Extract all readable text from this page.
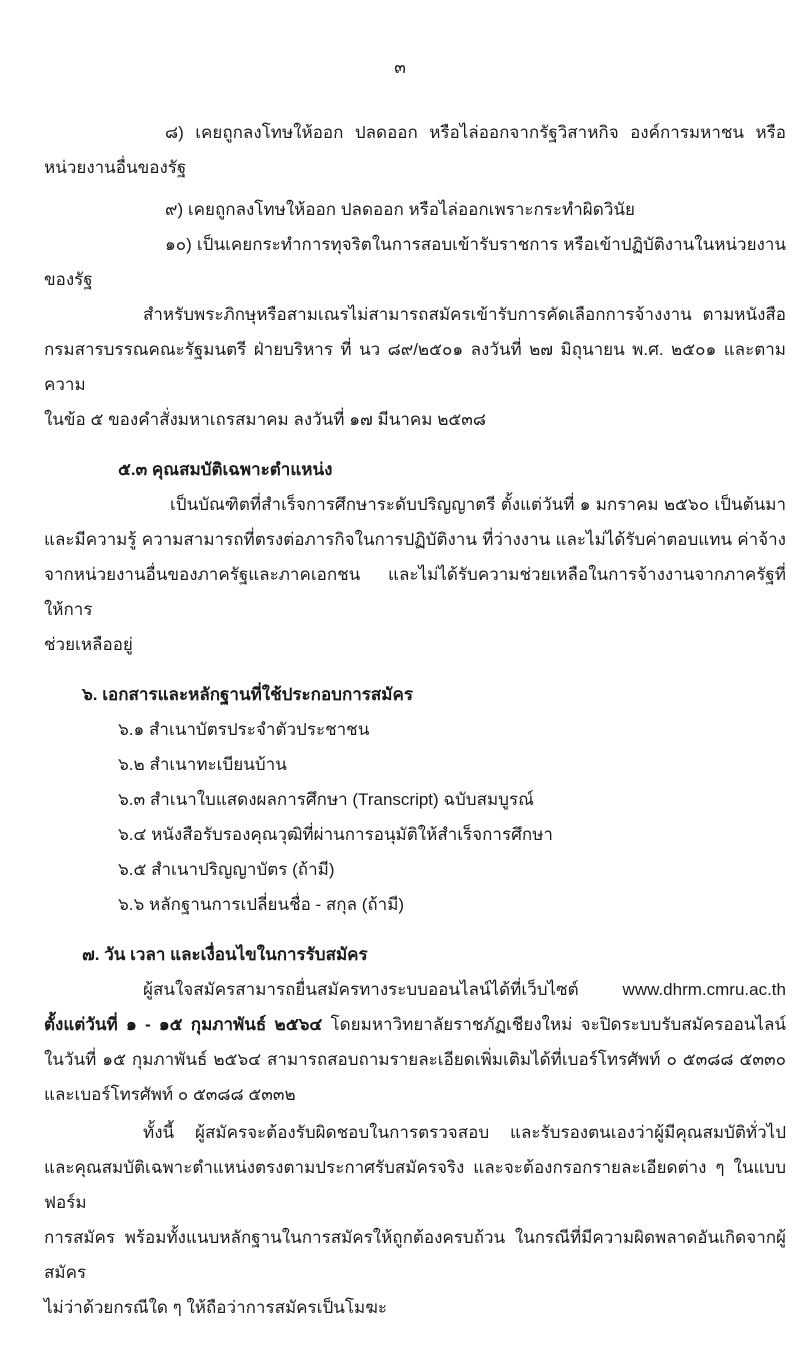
๓
๘) เคยถูกลงโทษให้ออก ปลดออก หรือไล่ออกจากรัฐวิสาหกิจ องค์การมหาชน หรือ
หน่วยงานอื่นของรัฐ
๙) เคยถูกลงโทษให้ออก ปลดออก หรือไล่ออกเพราะกระทำผิดวินัย
๑๐) เป็นเคยกระทำการทุจริตในการสอบเข้ารับราชการ หรือเข้าปฏิบัติงานในหน่วยงาน
ของรัฐ
สำหรับพระภิกษุหรือสามเณรไม่สามารถสมัครเข้ารับการคัดเลือกการจ้างงาน ตามหนังสือ
กรมสารบรรณคณะรัฐมนตรี ฝ่ายบริหาร ที่ นว ๘๙/๒๕๐๑ ลงวันที่ ๒๗ มิถุนายน พ.ศ. ๒๕๐๑ และตามความ
ในข้อ ๕ ของคำสั่งมหาเถรสมาคม ลงวันที่ ๑๗ มีนาคม ๒๕๓๘
๕.๓ คุณสมบัติเฉพาะตำแหน่ง
เป็นบัณฑิตที่สำเร็จการศึกษาระดับปริญญาตรี ตั้งแต่วันที่ ๑ มกราคม ๒๕๖๐ เป็นต้นมา
และมีความรู้ ความสามารถที่ตรงต่อภารกิจในการปฏิบัติงาน ที่ว่างงาน และไม่ได้รับค่าตอบแทน ค่าจ้าง
จากหน่วยงานอื่นของภาครัฐและภาคเอกชน และไม่ได้รับความช่วยเหลือในการจ้างงานจากภาครัฐที่ให้การ
ช่วยเหลืออยู่
๖. เอกสารและหลักฐานที่ใช้ประกอบการสมัคร
๖.๑ สำเนาบัตรประจำตัวประชาชน
๖.๒ สำเนาทะเบียนบ้าน
๖.๓ สำเนาใบแสดงผลการศึกษา (Transcript) ฉบับสมบูรณ์
๖.๔ หนังสือรับรองคุณวุฒิที่ผ่านการอนุมัติให้สำเร็จการศึกษา
๖.๕ สำเนาปริญญาบัตร (ถ้ามี)
๖.๖ หลักฐานการเปลี่ยนชื่อ - สกุล (ถ้ามี)
๗. วัน เวลา และเงื่อนไขในการรับสมัคร
ผู้สนใจสมัครสามารถยื่นสมัครทางระบบออนไลน์ได้ที่เว็บไซต์ www.dhrm.cmru.ac.th
ตั้งแต่วันที่ ๑ - ๑๕ กุมภาพันธ์ ๒๕๖๔ โดยมหาวิทยาลัยราชภัฏเชียงใหม่ จะปิดระบบรับสมัครออนไลน์
ในวันที่ ๑๕ กุมภาพันธ์ ๒๕๖๔ สามารถสอบถามรายละเอียดเพิ่มเติมได้ที่เบอร์โทรศัพท์ ๐ ๕๓๘๘ ๕๓๓๐
และเบอร์โทรศัพท์ ๐ ๕๓๘๘ ๕๓๓๒
ทั้งนี้ ผู้สมัครจะต้องรับผิดชอบในการตรวจสอบ และรับรองตนเองว่าผู้มีคุณสมบัติทั่วไป
และคุณสมบัติเฉพาะตำแหน่งตรงตามประกาศรับสมัครจริง และจะต้องกรอกรายละเอียดต่าง ๆ ในแบบฟอร์ม
การสมัคร พร้อมทั้งแนบหลักฐานในการสมัครให้ถูกต้องครบถ้วน ในกรณีที่มีความผิดพลาดอันเกิดจากผู้สมัคร
ไม่ว่าด้วยกรณีใด ๆ ให้ถือว่าการสมัครเป็นโมฆะ
